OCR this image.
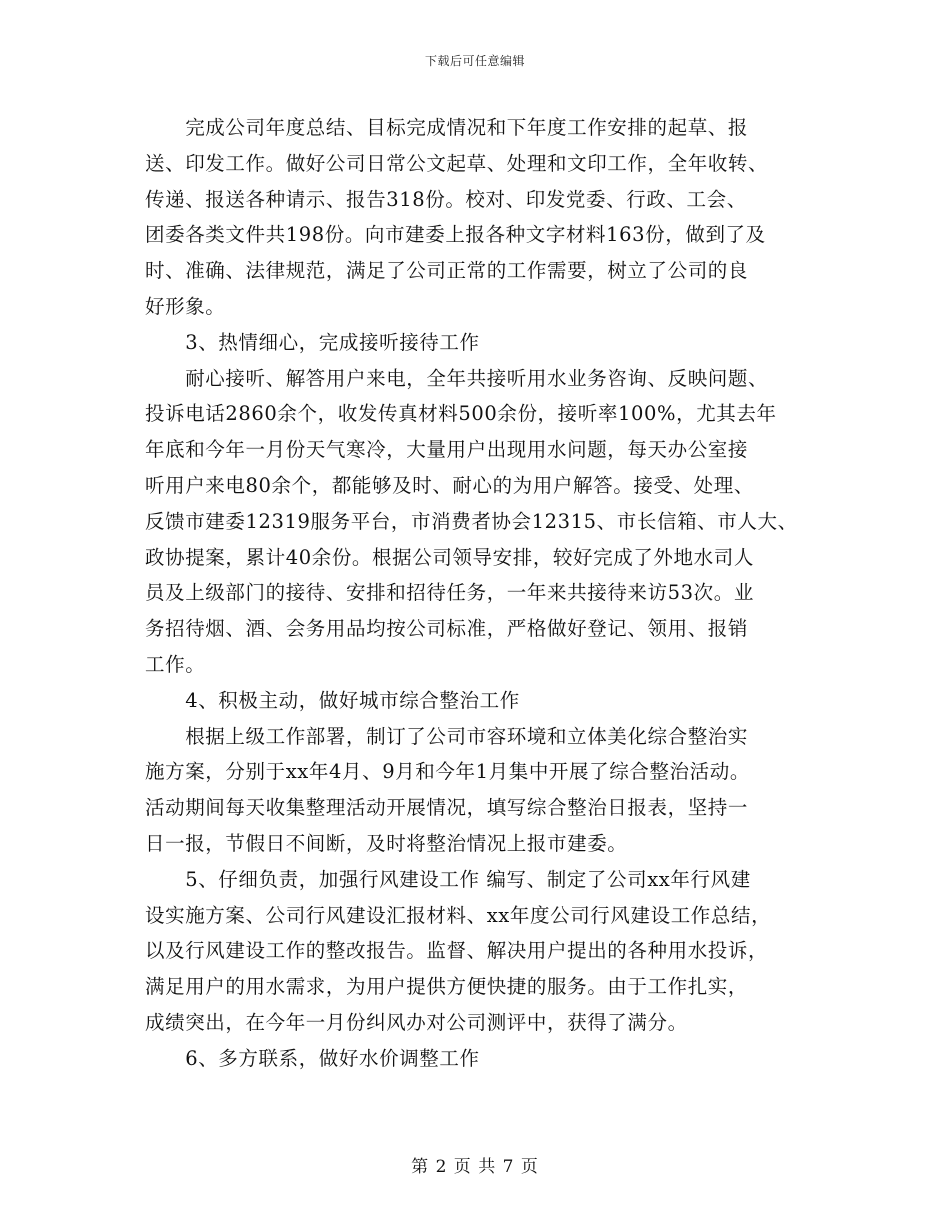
下载后可任意编辑
　　完成公司年度总结、目标完成情况和下年度工作安排的起草、报
送、印发工作。做好公司日常公文起草、处理和文印工作，全年收转、
传递、报送各种请示、报告318份。校对、印发党委、行政、工会、
团委各类文件共198份。向市建委上报各种文字材料163份，做到了及
时、准确、法律规范，满足了公司正常的工作需要，树立了公司的良
好形象。
　　3、热情细心，完成接听接待工作
　　耐心接听、解答用户来电，全年共接听用水业务咨询、反映问题、
投诉电话2860余个，收发传真材料500余份，接听率100%，尤其去年
年底和今年一月份天气寒冷，大量用户出现用水问题，每天办公室接
听用户来电80余个，都能够及时、耐心的为用户解答。接受、处理、
反馈市建委12319服务平台，市消费者协会12315、市长信箱、市人大、
政协提案，累计40余份。根据公司领导安排，较好完成了外地水司人
员及上级部门的接待、安排和招待任务，一年来共接待来访53次。业
务招待烟、酒、会务用品均按公司标准，严格做好登记、领用、报销
工作。
　　4、积极主动，做好城市综合整治工作
　　根据上级工作部署，制订了公司市容环境和立体美化综合整治实
施方案，分别于xx年4月、9月和今年1月集中开展了综合整治活动。
活动期间每天收集整理活动开展情况，填写综合整治日报表，坚持一
日一报，节假日不间断，及时将整治情况上报市建委。
　　5、仔细负责，加强行风建设工作 编写、制定了公司xx年行风建
设实施方案、公司行风建设汇报材料、xx年度公司行风建设工作总结，
以及行风建设工作的整改报告。监督、解决用户提出的各种用水投诉，
满足用户的用水需求，为用户提供方便快捷的服务。由于工作扎实，
成绩突出，在今年一月份纠风办对公司测评中，获得了满分。
　　6、多方联系，做好水价调整工作
第 2 页 共 7 页
